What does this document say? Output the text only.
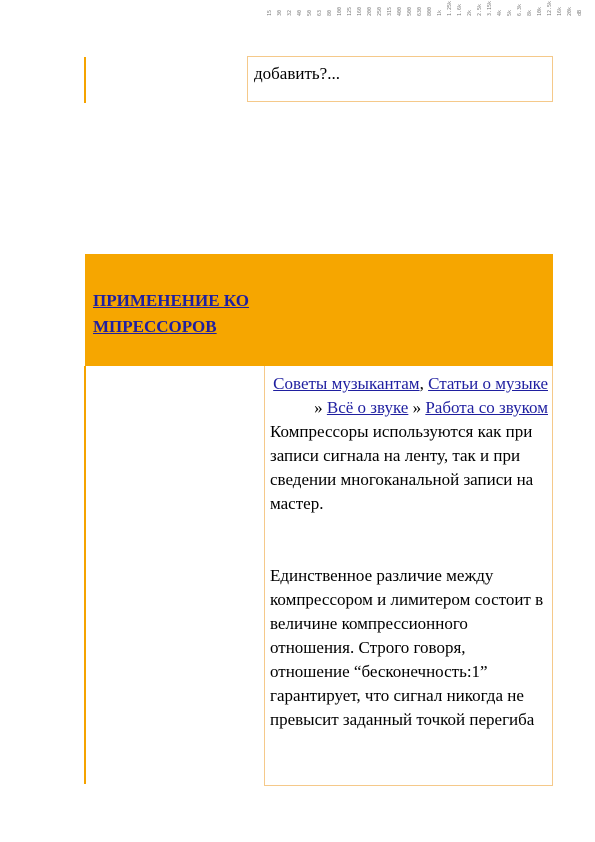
15 30 32 40 50 63 80 100 125 160 200 250 315 400 500 630 800 1k 1.25k 1.6k 2k 2.5k 3.15k 4k 5k 6.3k 8k 10k 12.5k 16k 20k dB
добавить?...
ПРИМЕНЕНИЕ КОМПРЕССОРОВ
Советы музыкантам, Статьи о музыке » Всё о звуке » Работа со звуком

Компрессоры используются как при записи сигнала на ленту, так и при сведении многоканальной записи на мастер.

Единственное различие между компрессором и лимитером состоит в величине компрессионного отношения. Строго говоря, отношение “бесконечность:1” гарантирует, что сигнал никогда не превысит заданный точкой перегиба
